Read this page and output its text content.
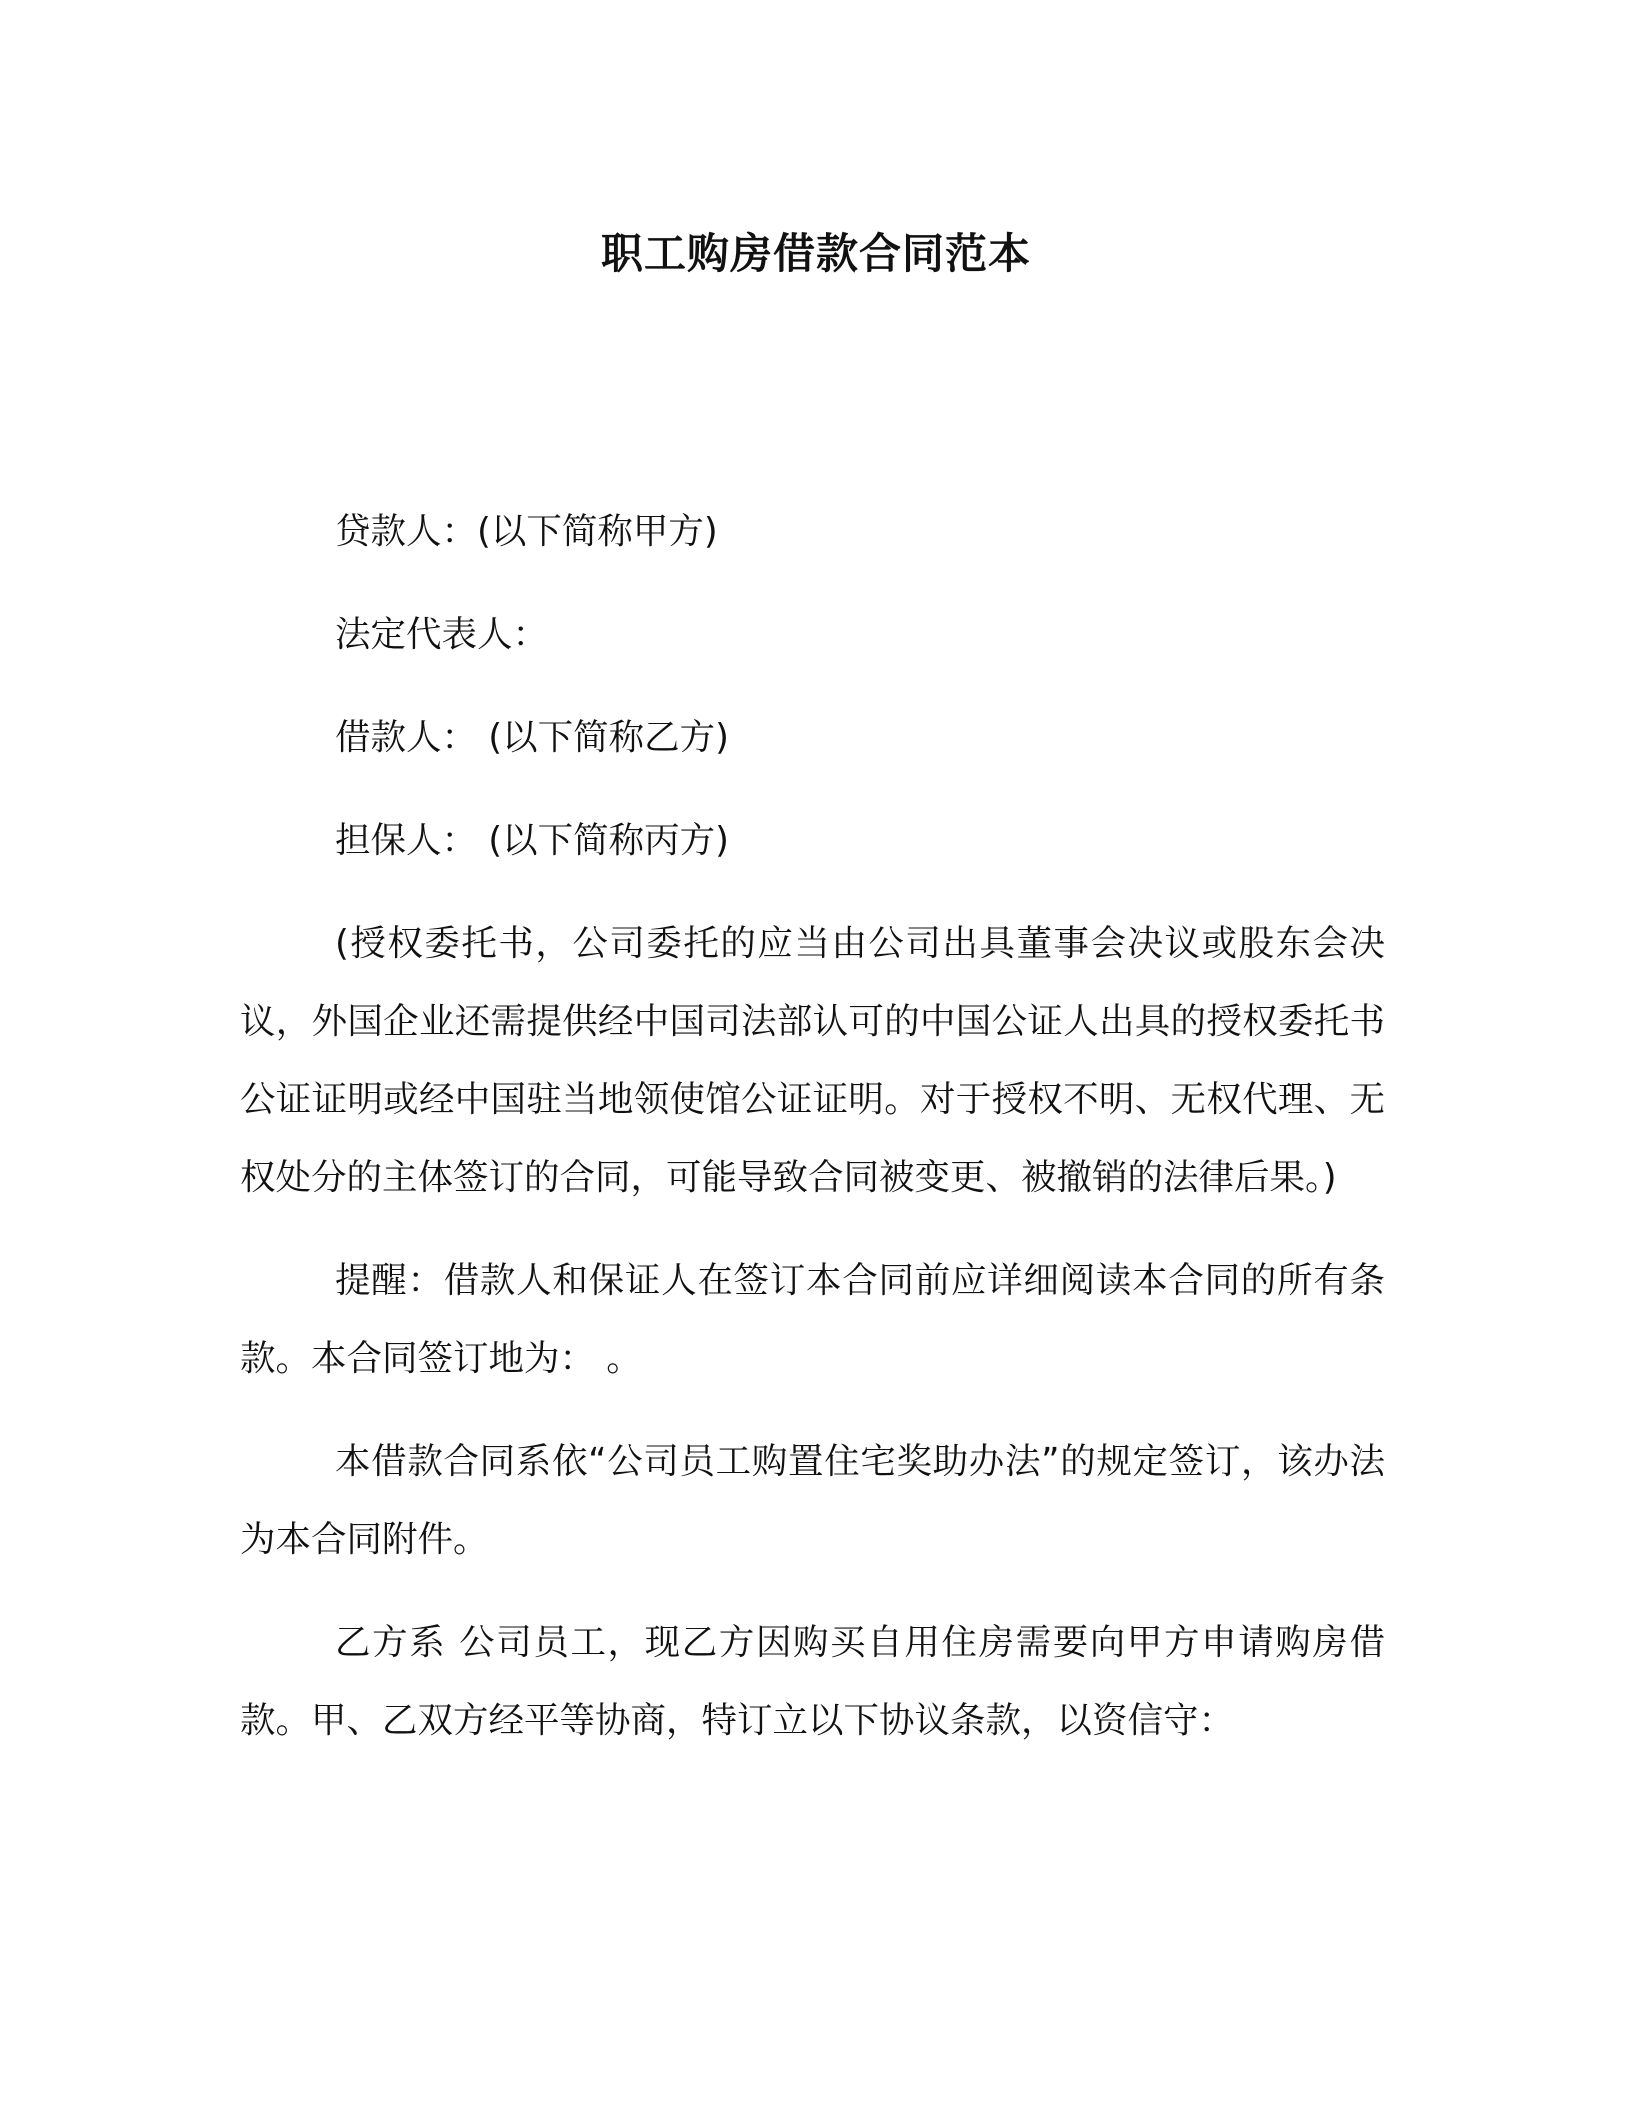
职工购房借款合同范本

贷款人：(以下简称甲方)

法定代表人：

借款人： (以下简称乙方)

担保人： (以下简称丙方)

(授权委托书，公司委托的应当由公司出具董事会决议或股东会决议，外国企业还需提供经中国司法部认可的中国公证人出具的授权委托书公证证明或经中国驻当地领使馆公证证明。对于授权不明、无权代理、无权处分的主体签订的合同，可能导致合同被变更、被撤销的法律后果。)

提醒：借款人和保证人在签订本合同前应详细阅读本合同的所有条款。本合同签订地为： 。

本借款合同系依“公司员工购置住宅奖助办法”的规定签订，该办法为本合同附件。

乙方系 公司员工，现乙方因购买自用住房需要向甲方申请购房借款。甲、乙双方经平等协商，特订立以下协议条款，以资信守：
